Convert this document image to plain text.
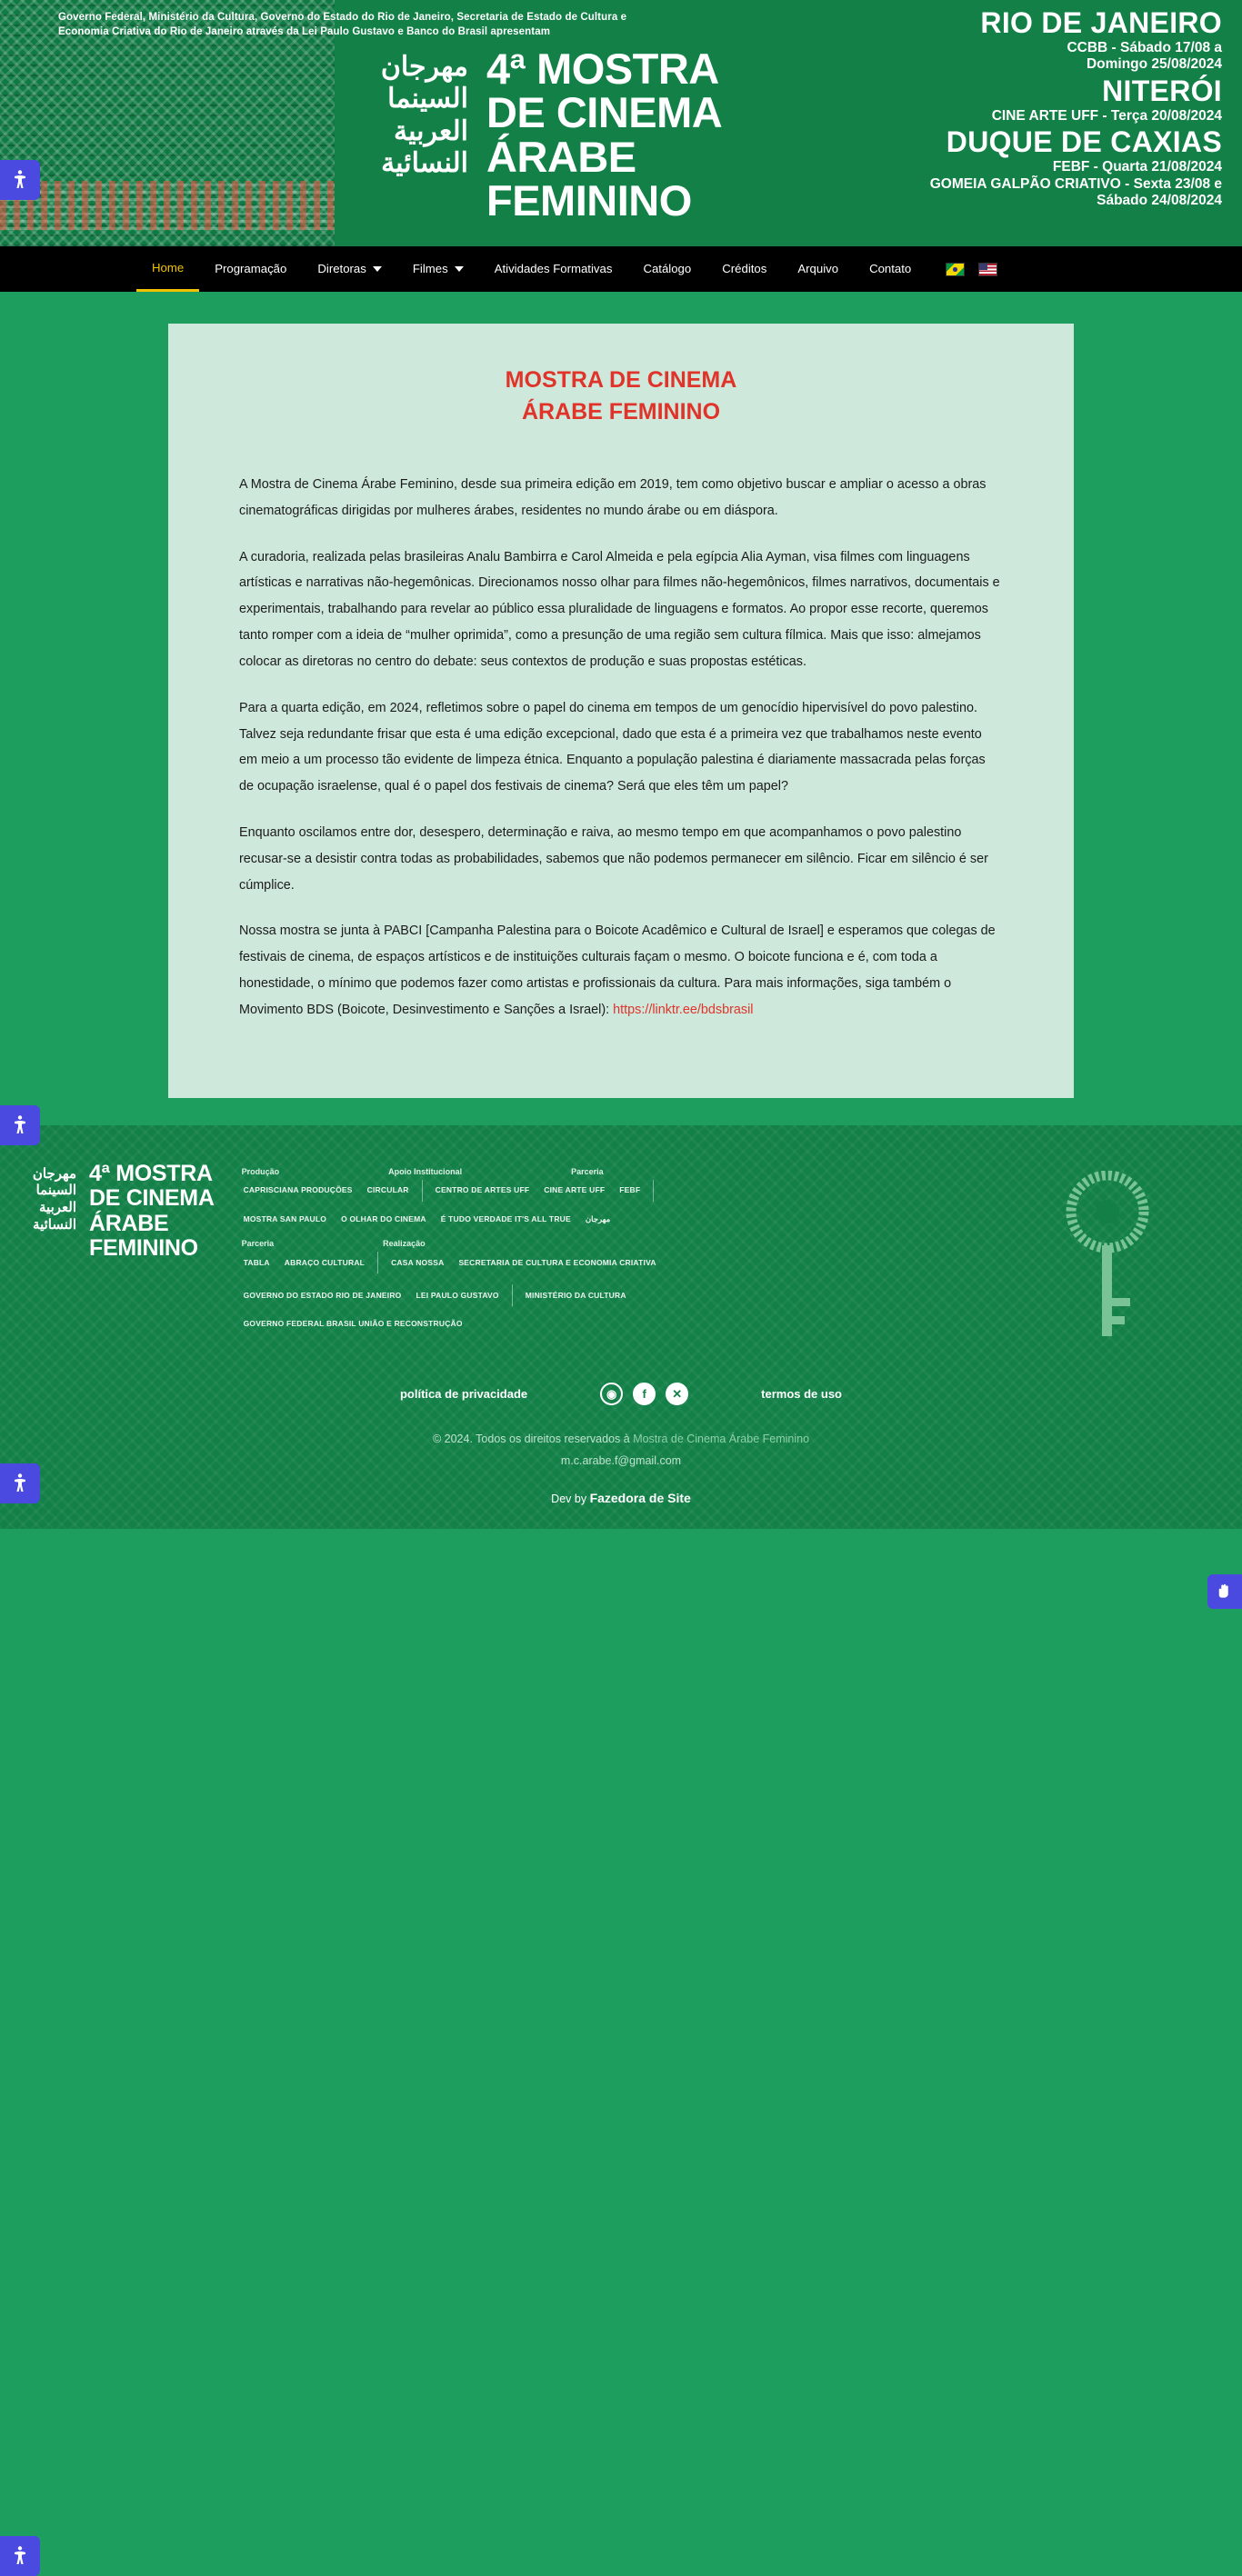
Governo Federal, Ministério da Cultura, Governo do Estado do Rio de Janeiro, Secretaria de Estado de Cultura e Economia Criativa do Rio de Janeiro através da Lei Paulo Gustavo e Banco do Brasil apresentam
مهرجان السينما العربية النسائية
4ª MOSTRA
DE CINEMA
ÁRABE
FEMININO
RIO DE JANEIRO
CCBB - Sábado 17/08 a
Domingo 25/08/2024
NITERÓI
CINE ARTE UFF - Terça 20/08/2024
DUQUE DE CAXIAS
FEBF - Quarta 21/08/2024
GOMEIA GALPÃO CRIATIVO - Sexta 23/08 e
Sábado 24/08/2024
Home	Programação	Diretoras	Filmes	Atividades Formativas	Catálogo	Créditos	Arquivo	Contato
MOSTRA DE CINEMA
ÁRABE FEMININO

A Mostra de Cinema Árabe Feminino, desde sua primeira edição em 2019, tem como objetivo buscar e ampliar o acesso a obras cinematográficas dirigidas por mulheres árabes, residentes no mundo árabe ou em diáspora.

A curadoria, realizada pelas brasileiras Analu Bambirra e Carol Almeida e pela egípcia Alia Ayman, visa filmes com linguagens artísticas e narrativas não-hegemônicas. Direcionamos nosso olhar para filmes não-hegemônicos, filmes narrativos, documentais e experimentais, trabalhando para revelar ao público essa pluralidade de linguagens e formatos. Ao propor esse recorte, queremos tanto romper com a ideia de “mulher oprimida”, como a presunção de uma região sem cultura fílmica. Mais que isso: almejamos colocar as diretoras no centro do debate: seus contextos de produção e suas propostas estéticas.

Para a quarta edição, em 2024, refletimos sobre o papel do cinema em tempos de um genocídio hipervisível do povo palestino. Talvez seja redundante frisar que esta é uma edição excepcional, dado que esta é a primeira vez que trabalhamos neste evento em meio a um processo tão evidente de limpeza étnica. Enquanto a população palestina é diariamente massacrada pelas forças de ocupação israelense, qual é o papel dos festivais de cinema? Será que eles têm um papel?

Enquanto oscilamos entre dor, desespero, determinação e raiva, ao mesmo tempo em que acompanhamos o povo palestino recusar-se a desistir contra todas as probabilidades, sabemos que não podemos permanecer em silêncio. Ficar em silêncio é ser cúmplice.

Nossa mostra se junta à PABCI [Campanha Palestina para o Boicote Acadêmico e Cultural de Israel] e esperamos que colegas de festivais de cinema, de espaços artísticos e de instituições culturais façam o mesmo. O boicote funciona e é, com toda a honestidade, o mínimo que podemos fazer como artistas e profissionais da cultura. Para mais informações, siga também o Movimento BDS (Boicote, Desinvestimento e Sanções a Israel): https://linktr.ee/bdsbrasil

مهرجان السينما العربية النسائية
4ª MOSTRA
DE CINEMA
ÁRABE
FEMININO
Produção	Apoio Institucional	Parceria
CAPRISCIANA PRODUÇÕES CIRCULAR	CENTRO DE ARTES UFF CINE ARTE UFF FEBF
MOSTRA SAN PAULO O OLHAR DO CINEMA É TUDO VERDADE IT'S ALL TRUE مهرجان
Parceria	Realização
TABLA ABRAÇO CULTURAL	CASA NOSSA SECRETARIA DE CULTURA E ECONOMIA CRIATIVA
GOVERNO DO ESTADO RIO DE JANEIRO LEI PAULO GUSTAVO	MINISTÉRIO DA CULTURA
GOVERNO FEDERAL BRASIL UNIÃO E RECONSTRUÇÃO
política de privacidade	◉	f	✕	termos de uso
© 2024. Todos os direitos reservados à Mostra de Cinema Árabe Feminino
m.c.arabe.f@gmail.com
Dev by Fazedora de Site
